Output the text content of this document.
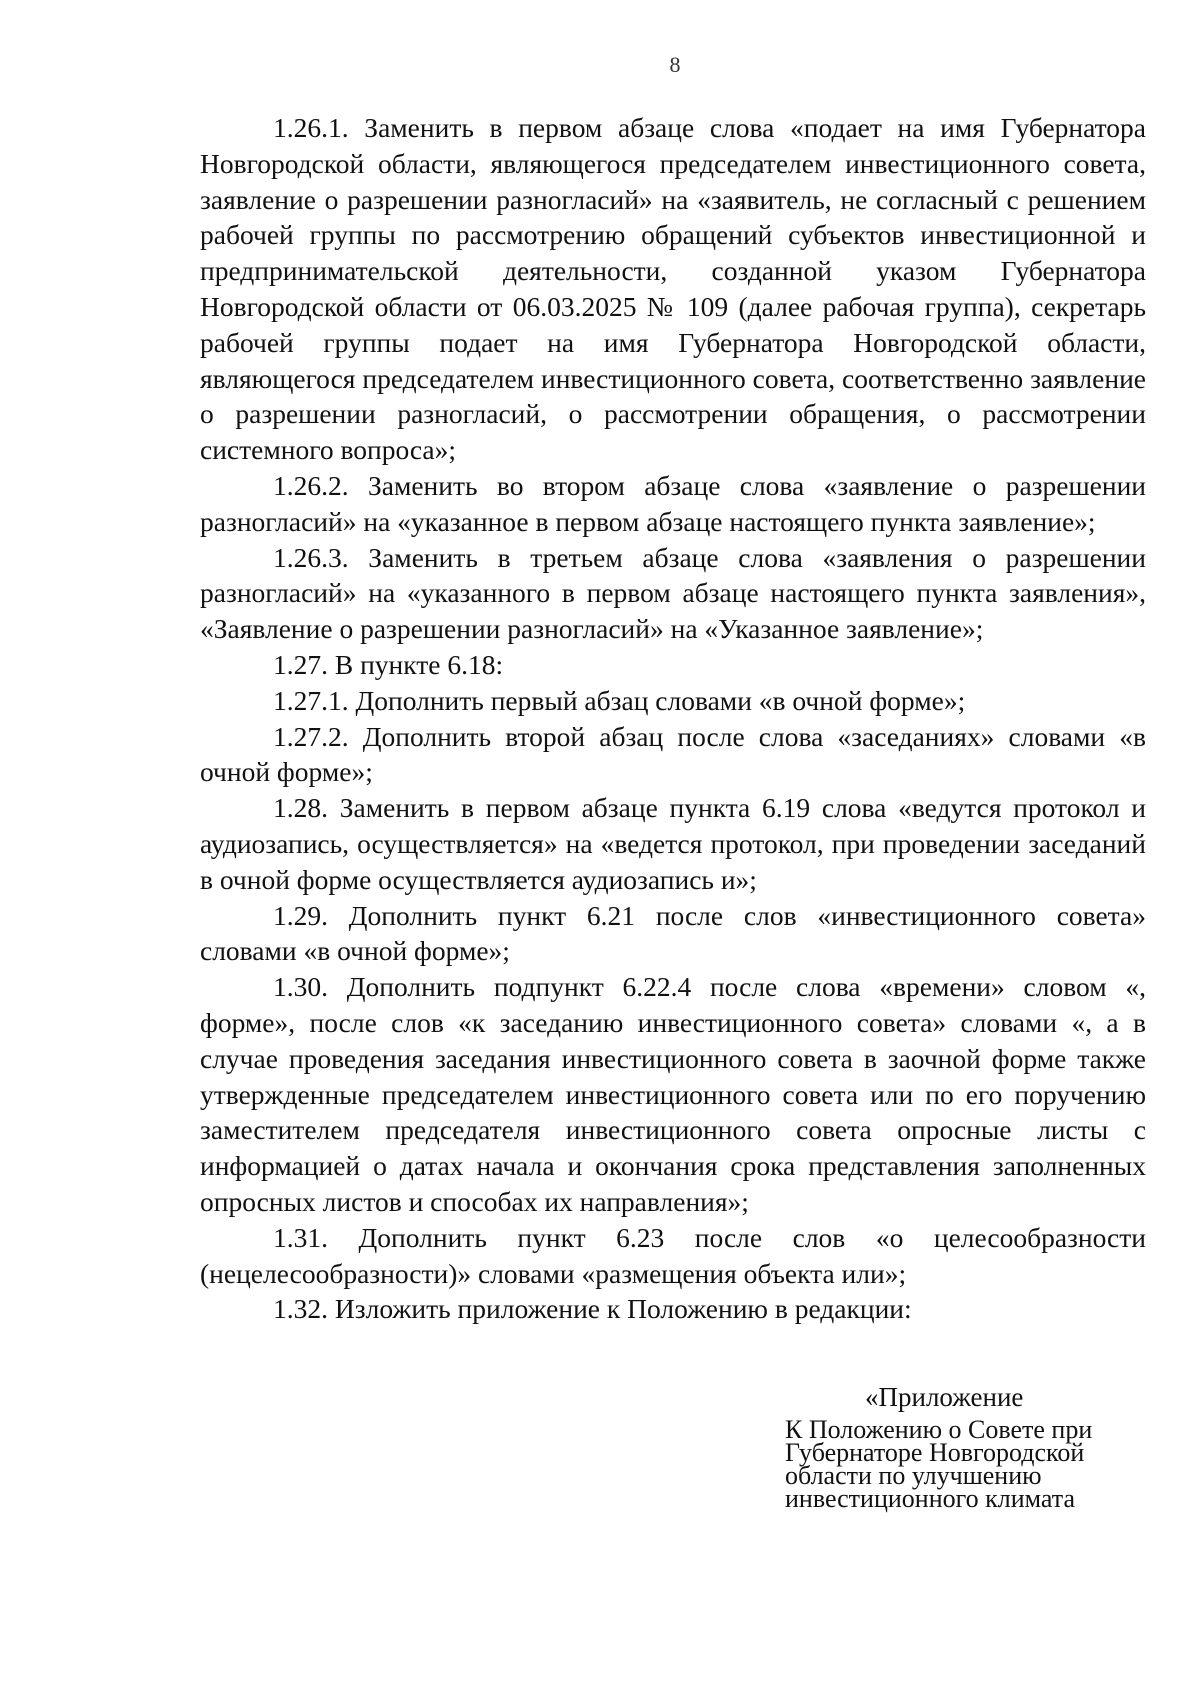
8

1.26.1. Заменить в первом абзаце слова «подает на имя Губернатора Новгородской области, являющегося председателем инвестиционного совета, заявление о разрешении разногласий» на «заявитель, не согласный с решением рабочей группы по рассмотрению обращений субъектов инвестиционной и предпринимательской деятельности, созданной указом Губернатора Новгородской области от 06.03.2025 № 109 (далее рабочая группа), секретарь рабочей группы подает на имя Губернатора Новгородской области, являющегося председателем инвестиционного совета, соответственно заявление о разрешении разногласий, о рассмотрении обращения, о рассмотрении системного вопроса»;

1.26.2. Заменить во втором абзаце слова «заявление о разрешении разногласий» на «указанное в первом абзаце настоящего пункта заявление»;

1.26.3. Заменить в третьем абзаце слова «заявления о разрешении разногласий» на «указанного в первом абзаце настоящего пункта заявления», «Заявление о разрешении разногласий» на «Указанное заявление»;

1.27. В пункте 6.18:

1.27.1. Дополнить первый абзац словами «в очной форме»;

1.27.2. Дополнить второй абзац после слова «заседаниях» словами «в очной форме»;

1.28. Заменить в первом абзаце пункта 6.19 слова «ведутся протокол и аудиозапись, осуществляется» на «ведется протокол, при проведении заседаний в очной форме осуществляется аудиозапись и»;

1.29. Дополнить пункт 6.21 после слов «инвестиционного совета» словами «в очной форме»;

1.30. Дополнить подпункт 6.22.4 после слова «времени» словом «, форме», после слов «к заседанию инвестиционного совета» словами «, а в случае проведения заседания инвестиционного совета в заочной форме также утвержденные председателем инвестиционного совета или по его поручению заместителем председателя инвестиционного совета опросные листы с информацией о датах начала и окончания срока представления заполненных опросных листов и способах их направления»;

1.31. Дополнить пункт 6.23 после слов «о целесообразности (нецелесообразности)» словами «размещения объекта или»;

1.32. Изложить приложение к Положению в редакции:

«Приложение
К Положению о Совете при
Губернаторе Новгородской
области по улучшению
инвестиционного климата
